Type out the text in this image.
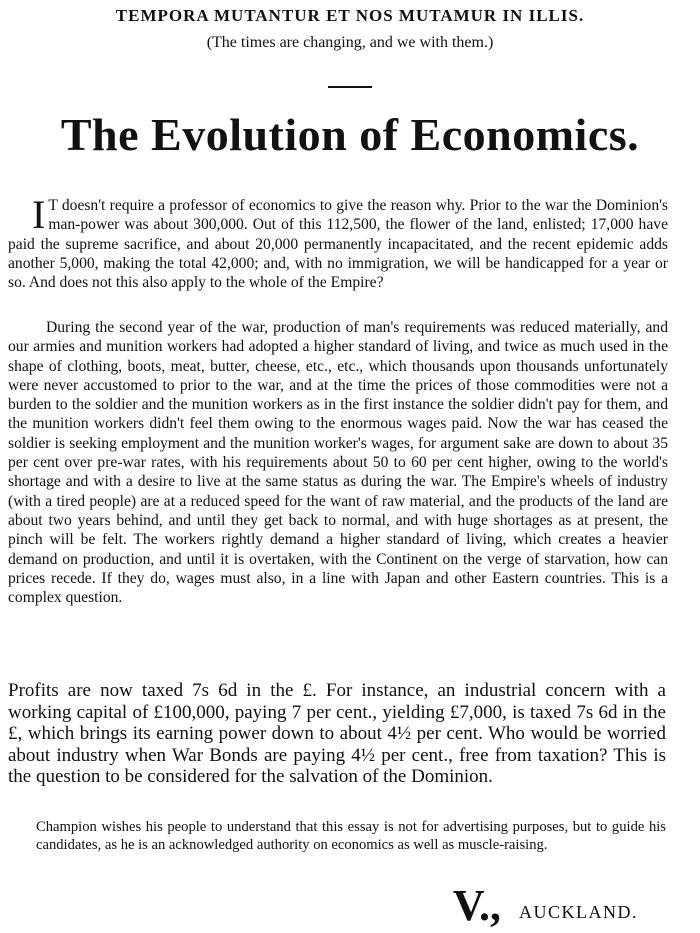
TEMPORA MUTANTUR ET NOS MUTAMUR IN ILLIS.
(The times are changing, and we with them.)
The Evolution of Economics.
I T doesn't require a professor of economics to give the reason why. Prior to the war the Dominion's man-power was about 300,000. Out of this 112,500, the flower of the land, enlisted; 17,000 have paid the supreme sacrifice, and about 20,000 permanently incapacitated, and the recent epidemic adds another 5,000, making the total 42,000; and, with no immigration, we will be handicapped for a year or so. And does not this also apply to the whole of the Empire?
During the second year of the war, production of man's requirements was reduced materially, and our armies and munition workers had adopted a higher standard of living, and twice as much used in the shape of clothing, boots, meat, butter, cheese, etc., etc., which thousands upon thousands unfortunately were never accustomed to prior to the war, and at the time the prices of those commodities were not a burden to the soldier and the munition workers as in the first instance the soldier didn't pay for them, and the munition workers didn't feel them owing to the enormous wages paid. Now the war has ceased the soldier is seeking employment and the munition worker's wages, for argument sake are down to about 35 per cent over pre-war rates, with his requirements about 50 to 60 per cent higher, owing to the world's shortage and with a desire to live at the same status as during the war. The Empire's wheels of industry (with a tired people) are at a reduced speed for the want of raw material, and the products of the land are about two years behind, and until they get back to normal, and with huge shortages as at present, the pinch will be felt. The workers rightly demand a higher standard of living, which creates a heavier demand on production, and until it is overtaken, with the Continent on the verge of starvation, how can prices recede. If they do, wages must also, in a line with Japan and other Eastern countries. This is a complex question.
Profits are now taxed 7s 6d in the £. For instance, an industrial concern with a working capital of £100,000, paying 7 per cent., yielding £7,000, is taxed 7s 6d in the £, which brings its earning power down to about 4½ per cent. Who would be worried about industry when War Bonds are paying 4½ per cent., free from taxation? This is the question to be considered for the salvation of the Dominion.
Champion wishes his people to understand that this essay is not for advertising purposes, but to guide his candidates, as he is an acknowledged authority on economics as well as muscle-raising.
V., AUCKLAND.
